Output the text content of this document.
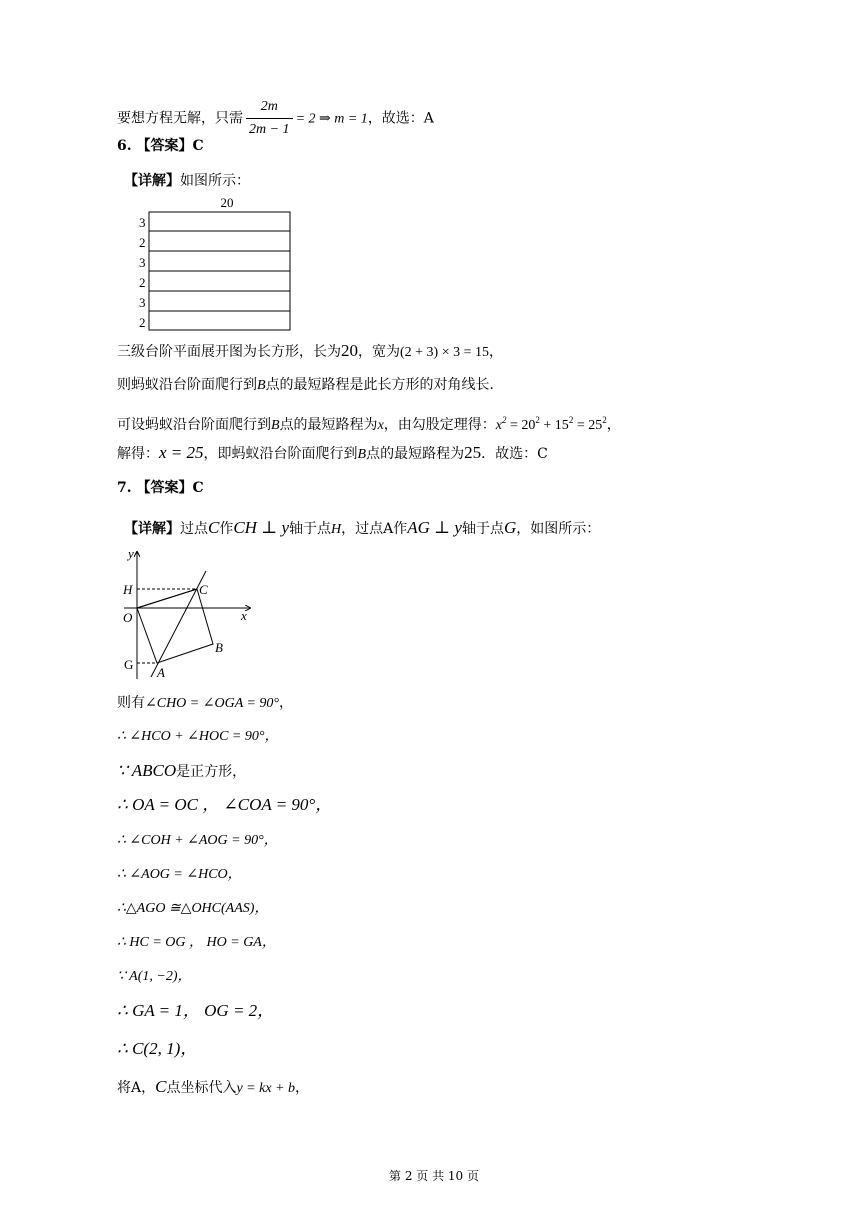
要想方程无解，只需 $\frac{2m}{2m - 1} = 2$ ⇒ m = 1，故选：A
6. 【答案】C
【详解】如图所示：
20
3
2
3
2
3
2
三级台阶平面展开图为长方形，长为20，宽为(2 + 3) × 3 = 15，
则蚂蚁沿台阶面爬行到B点的最短路程是此长方形的对角线长.
可设蚂蚁沿台阶面爬行到B点的最短路程为x，由勾股定理得：$x^2 = 20^2 + 15^2 = 25^2$，
解得：x = 25，即蚂蚁沿台阶面爬行到B点的最短路程为25．故选：C
7. 【答案】C
【详解】过点C作CH ⊥ y轴于点H，过点A作AG ⊥ y轴于点G，如图所示：
y
x
H	C
O
B
A
G
则有∠CHO = ∠OGA = 90°，
∴ ∠HCO + ∠HOC = 90°，
∵ ABCO是正方形，
∴ OA = OC ， ∠COA = 90°，
∴ ∠COH + ∠AOG = 90°，
∴ ∠AOG = ∠HCO，
∴△AGO ≅△OHC(AAS)，
∴ HC = OG ， HO = GA，
∵ A(1, −2)，
∴ GA = 1， OG = 2，
∴ C(2, 1)，
将A，C点坐标代入y = kx + b，
第 2 页 共 10 页
